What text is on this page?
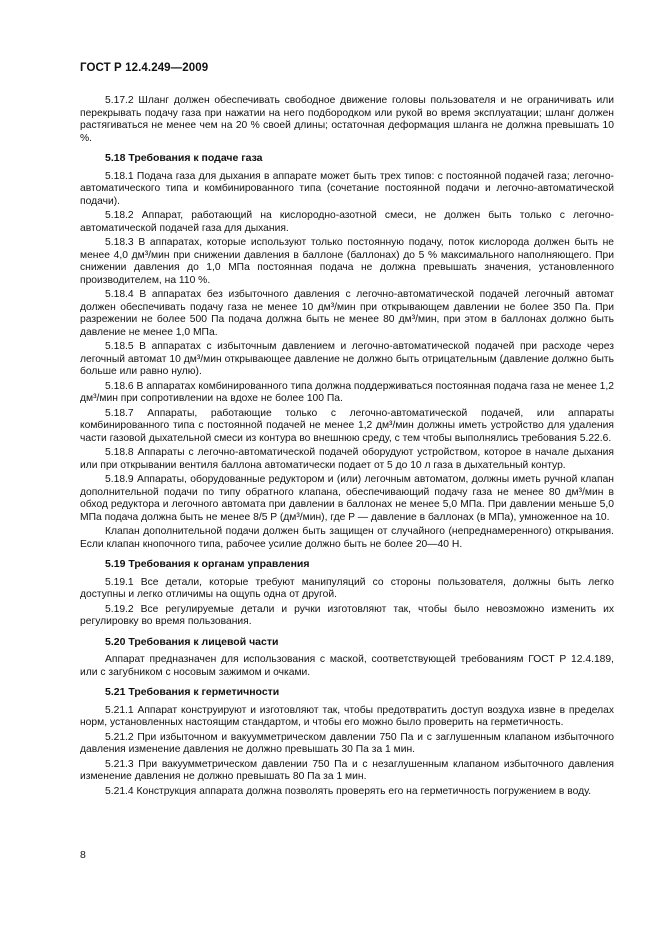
ГОСТ Р 12.4.249—2009

5.17.2 Шланг должен обеспечивать свободное движение головы пользователя и не ограничивать или перекрывать подачу газа при нажатии на него подбородком или рукой во время эксплуатации; шланг должен растягиваться не менее чем на 20 % своей длины; остаточная деформация шланга не должна превышать 10 %.

5.18 Требования к подаче газа

5.18.1 Подача газа для дыхания в аппарате может быть трех типов: с постоянной подачей газа; легочно-автоматического типа и комбинированного типа (сочетание постоянной подачи и легочно-автоматической подачи).

5.18.2 Аппарат, работающий на кислородно-азотной смеси, не должен быть только с легочно-автоматической подачей газа для дыхания.

5.18.3 В аппаратах, которые используют только постоянную подачу, поток кислорода должен быть не менее 4,0 дм³/мин при снижении давления в баллоне (баллонах) до 5 % максимального наполняющего. При снижении давления до 1,0 МПа постоянная подача не должна превышать значения, установленного производителем, на 110 %.

5.18.4 В аппаратах без избыточного давления с легочно-автоматической подачей легочный автомат должен обеспечивать подачу газа не менее 10 дм³/мин при открывающем давлении не более 350 Па. При разрежении не более 500 Па подача должна быть не менее 80 дм³/мин, при этом в баллонах должно быть давление не менее 1,0 МПа.

5.18.5 В аппаратах с избыточным давлением и легочно-автоматической подачей при расходе через легочный автомат 10 дм³/мин открывающее давление не должно быть отрицательным (давление должно быть больше или равно нулю).

5.18.6 В аппаратах комбинированного типа должна поддерживаться постоянная подача газа не менее 1,2 дм³/мин при сопротивлении на вдохе не более 100 Па.

5.18.7 Аппараты, работающие только с легочно-автоматической подачей, или аппараты комбинированного типа с постоянной подачей не менее 1,2 дм³/мин должны иметь устройство для удаления части газовой дыхательной смеси из контура во внешнюю среду, с тем чтобы выполнялись требования 5.22.6.

5.18.8 Аппараты с легочно-автоматической подачей оборудуют устройством, которое в начале дыхания или при открывании вентиля баллона автоматически подает от 5 до 10 л газа в дыхательный контур.

5.18.9 Аппараты, оборудованные редуктором и (или) легочным автоматом, должны иметь ручной клапан дополнительной подачи по типу обратного клапана, обеспечивающий подачу газа не менее 80 дм³/мин в обход редуктора и легочного автомата при давлении в баллонах не менее 5,0 МПа. При давлении меньше 5,0 МПа подача должна быть не менее 8/5 P (дм³/мин), где P — давление в баллонах (в МПа), умноженное на 10.

Клапан дополнительной подачи должен быть защищен от случайного (непреднамеренного) открывания. Если клапан кнопочного типа, рабочее усилие должно быть не более 20—40 Н.

5.19 Требования к органам управления

5.19.1 Все детали, которые требуют манипуляций со стороны пользователя, должны быть легко доступны и легко отличимы на ощупь одна от другой.

5.19.2 Все регулируемые детали и ручки изготовляют так, чтобы было невозможно изменить их регулировку во время пользования.

5.20 Требования к лицевой части

Аппарат предназначен для использования с маской, соответствующей требованиям ГОСТ Р 12.4.189, или с загубником с носовым зажимом и очками.

5.21 Требования к герметичности

5.21.1 Аппарат конструируют и изготовляют так, чтобы предотвратить доступ воздуха извне в пределах норм, установленных настоящим стандартом, и чтобы его можно было проверить на герметичность.

5.21.2 При избыточном и вакуумметрическом давлении 750 Па и с заглушенным клапаном избыточного давления изменение давления не должно превышать 30 Па за 1 мин.

5.21.3 При вакуумметрическом давлении 750 Па и с незаглушенным клапаном избыточного давления изменение давления не должно превышать 80 Па за 1 мин.

5.21.4 Конструкция аппарата должна позволять проверять его на герметичность погружением в воду.

8
